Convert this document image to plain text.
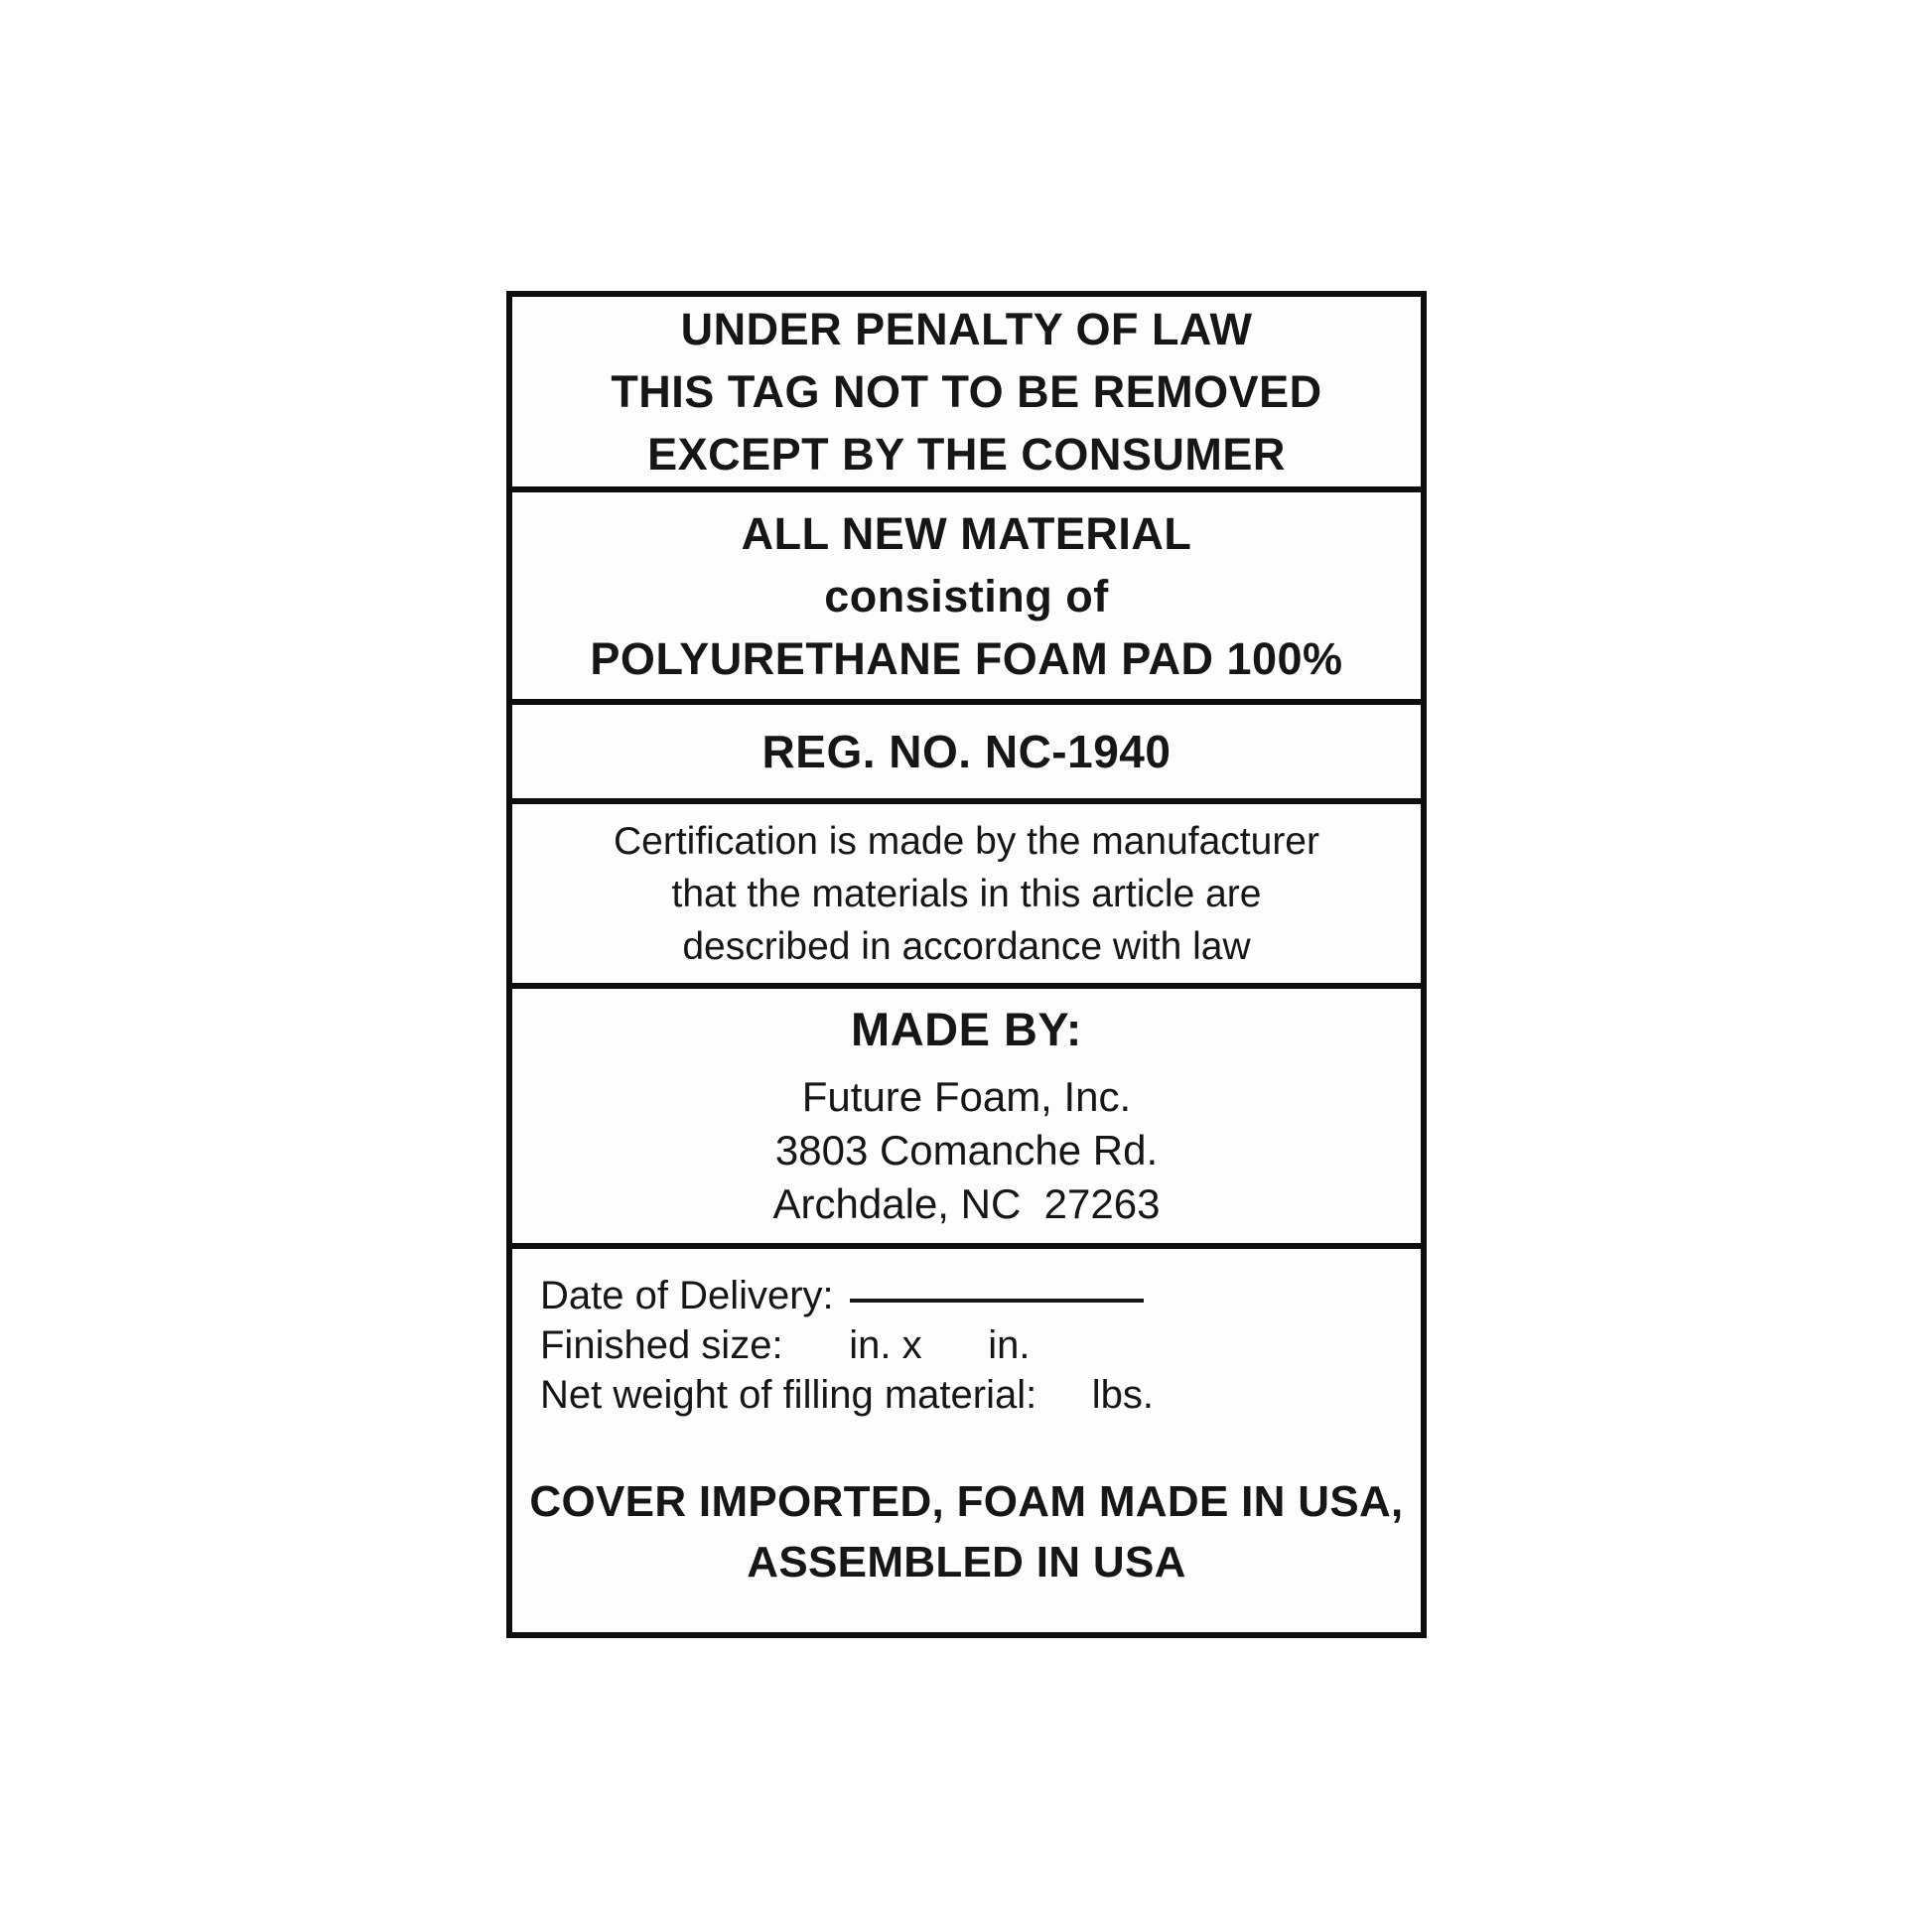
UNDER PENALTY OF LAW
THIS TAG NOT TO BE REMOVED
EXCEPT BY THE CONSUMER
ALL NEW MATERIAL
consisting of
POLYURETHANE FOAM PAD 100%
REG. NO. NC-1940
Certification is made by the manufacturer
that the materials in this article are
described in accordance with law
MADE BY:
Future Foam, Inc.
3803 Comanche Rd.
Archdale, NC  27263
Date of Delivery:
Finished size:      in. x      in.
Net weight of filling material:     lbs.
COVER IMPORTED, FOAM MADE IN USA,
ASSEMBLED IN USA
